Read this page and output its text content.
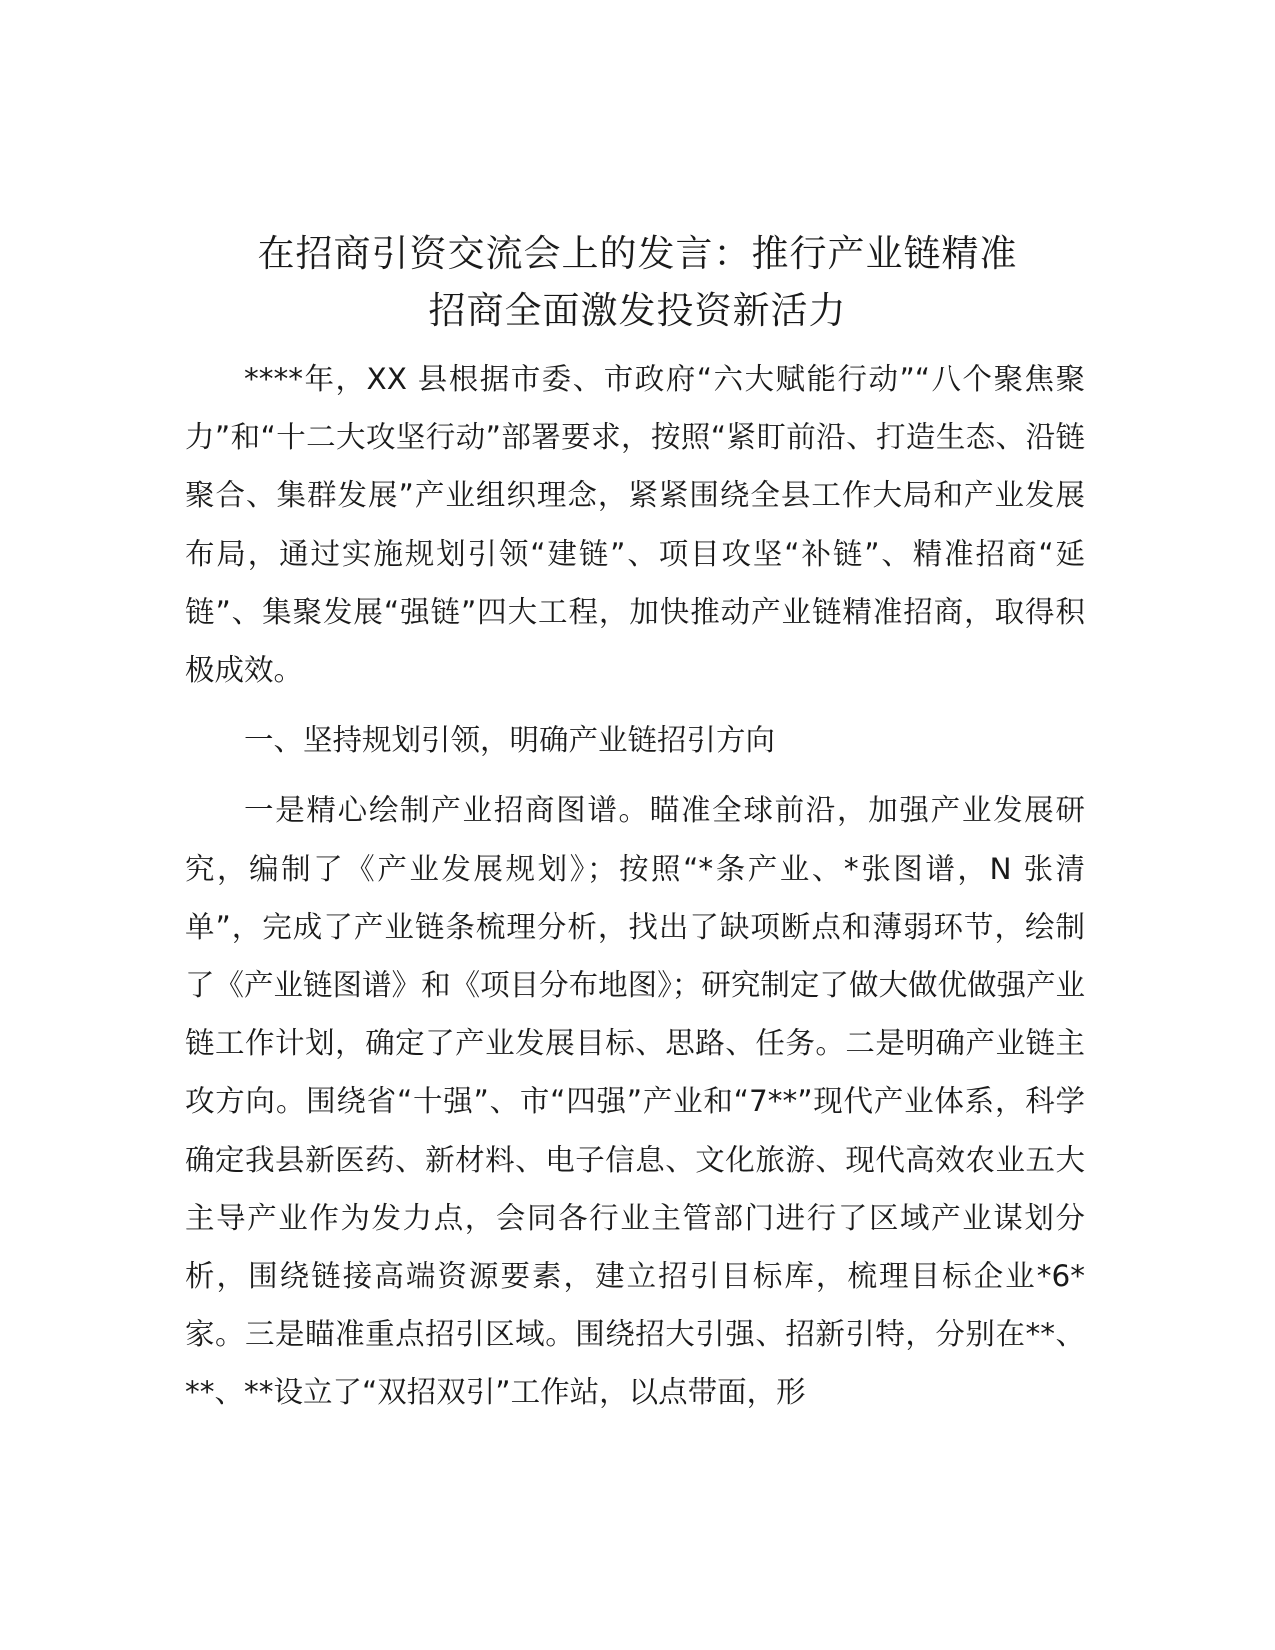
在招商引资交流会上的发言：推行产业链精准
招商全面激发投资新活力

****年，XX 县根据市委、市政府“六大赋能行动”“八个聚焦聚力”和“十二大攻坚行动”部署要求，按照“紧盯前沿、打造生态、沿链聚合、集群发展”产业组织理念，紧紧围绕全县工作大局和产业发展布局，通过实施规划引领“建链”、项目攻坚“补链”、精准招商“延链”、集聚发展“强链”四大工程，加快推动产业链精准招商，取得积极成效。

一、坚持规划引领，明确产业链招引方向

一是精心绘制产业招商图谱。瞄准全球前沿，加强产业发展研究，编制了《产业发展规划》；按照“*条产业、*张图谱，N 张清单”，完成了产业链条梳理分析，找出了缺项断点和薄弱环节，绘制了《产业链图谱》和《项目分布地图》；研究制定了做大做优做强产业链工作计划，确定了产业发展目标、思路、任务。二是明确产业链主攻方向。围绕省“十强”、市“四强”产业和“7**”现代产业体系，科学确定我县新医药、新材料、电子信息、文化旅游、现代高效农业五大主导产业作为发力点，会同各行业主管部门进行了区域产业谋划分析，围绕链接高端资源要素，建立招引目标库，梳理目标企业*6*家。三是瞄准重点招引区域。围绕招大引强、招新引特，分别在**、**、**设立了“双招双引”工作站，以点带面，形
